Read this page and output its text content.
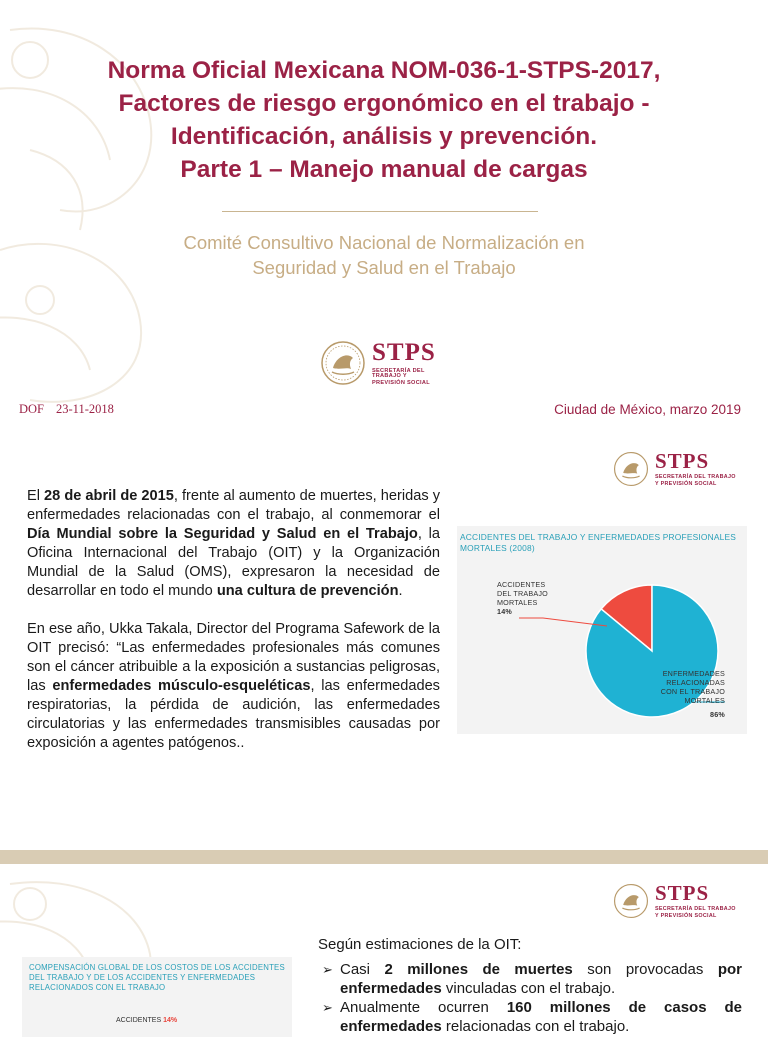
Norma Oficial Mexicana NOM-036-1-STPS-2017,
Factores de riesgo ergonómico en el trabajo -
Identificación, análisis y prevención.
Parte 1 – Manejo manual de cargas
Comité Consultivo Nacional de Normalización en
Seguridad y Salud en el Trabajo
STPS
SECRETARÍA DEL TRABAJO Y
PREVISIÓN SOCIAL
DOF 23-11-2018	Ciudad de México, marzo 2019
STPS
SECRETARÍA DEL TRABAJO
Y PREVISIÓN SOCIAL

El 28 de abril de 2015, frente al aumento de muertes, heridas y enfermedades relacionadas con el trabajo, al conmemorar el Día Mundial sobre la Seguridad y Salud en el Trabajo, la Oficina Internacional del Trabajo (OIT) y la Organización Mundial de la Salud (OMS), expresaron la necesidad de desarrollar en todo el mundo una cultura de prevención.

En ese año, Ukka Takala, Director del Programa Safework de la OIT precisó: “Las enfermedades profesionales más comunes son el cáncer atribuible a la exposición a sustancias peligrosas, las enfermedades músculo-esqueléticas, las enfermedades respiratorias, la pérdida de audición, las enfermedades circulatorias y las enfermedades transmisibles causadas por exposición a agentes patógenos..

ACCIDENTES DEL TRABAJO Y ENFERMEDADES PROFESIONALES MORTALES (2008)
ACCIDENTES
DEL TRABAJO
MORTALES
14%
ENFERMEDADES
RELACIONADAS
CON EL TRABAJO
MORTALES
86%
STPS
SECRETARÍA DEL TRABAJO
Y PREVISIÓN SOCIAL
COMPENSACIÓN GLOBAL DE LOS COSTOS DE LOS ACCIDENTES DEL TRABAJO Y DE LOS ACCIDENTES Y ENFERMEDADES RELACIONADOS CON EL TRABAJO
ACCIDENTES 14%
Según estimaciones de la OIT:
➢ Casi 2 millones de muertes son provocadas por enfermedades vinculadas con el trabajo.
➢ Anualmente ocurren 160 millones de casos de enfermedades relacionadas con el trabajo.
